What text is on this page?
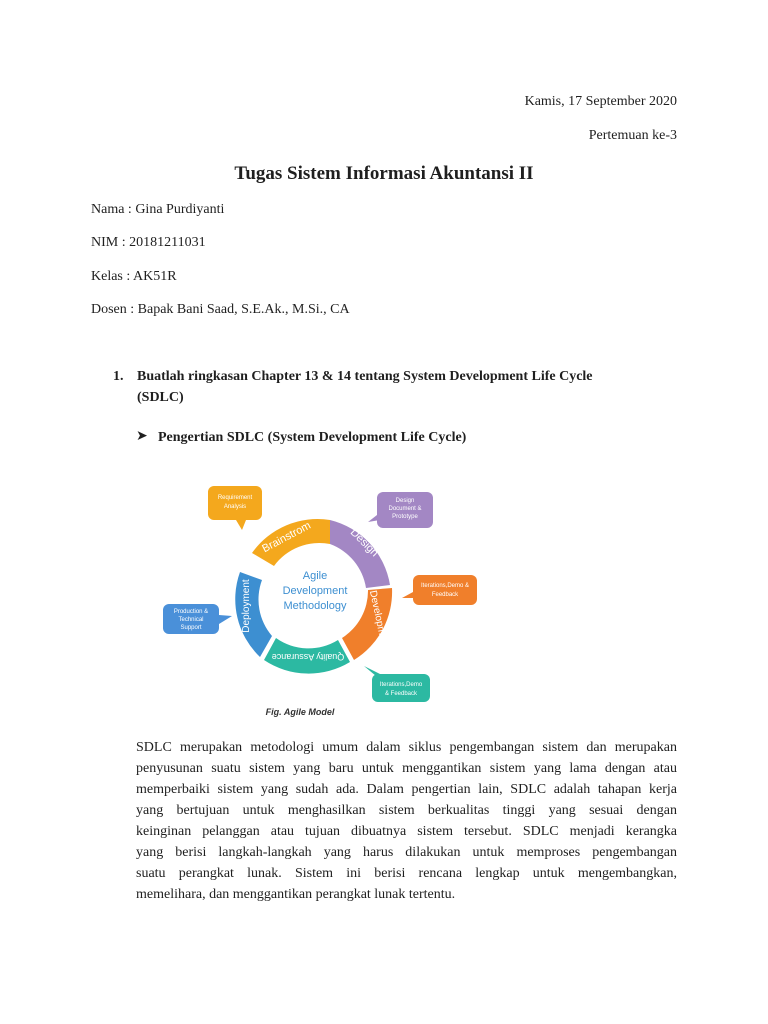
Kamis, 17 September 2020
Pertemuan ke-3
Tugas Sistem Informasi Akuntansi II
Nama : Gina Purdiyanti
NIM : 20181211031
Kelas : AK51R
Dosen : Bapak Bani Saad, S.E.Ak., M.Si., CA
1. Buatlah ringkasan Chapter 13 & 14 tentang System Development Life Cycle
(SDLC)
➤ Pengertian SDLC (System Development Life Cycle)
Brainstrom	Design
Development
Quality Assurance
Deployment
Agile
Development
Methodology
Requirement
Analysis
Design
Document &
Prototype
Iterations,Demo &
Feedback
Iterations,Demo
& Feedback
Production &
Technical
Support
Fig. Agile Model
SDLC merupakan metodologi umum dalam siklus pengembangan sistem dan merupakan
penyusunan suatu sistem yang baru untuk menggantikan sistem yang lama dengan atau
memperbaiki sistem yang sudah ada. Dalam pengertian lain, SDLC adalah tahapan kerja
yang bertujuan untuk menghasilkan sistem berkualitas tinggi yang sesuai dengan
keinginan pelanggan atau tujuan dibuatnya sistem tersebut. SDLC menjadi kerangka
yang berisi langkah-langkah yang harus dilakukan untuk memproses pengembangan
suatu perangkat lunak. Sistem ini berisi rencana lengkap untuk mengembangkan,
memelihara, dan menggantikan perangkat lunak tertentu.
